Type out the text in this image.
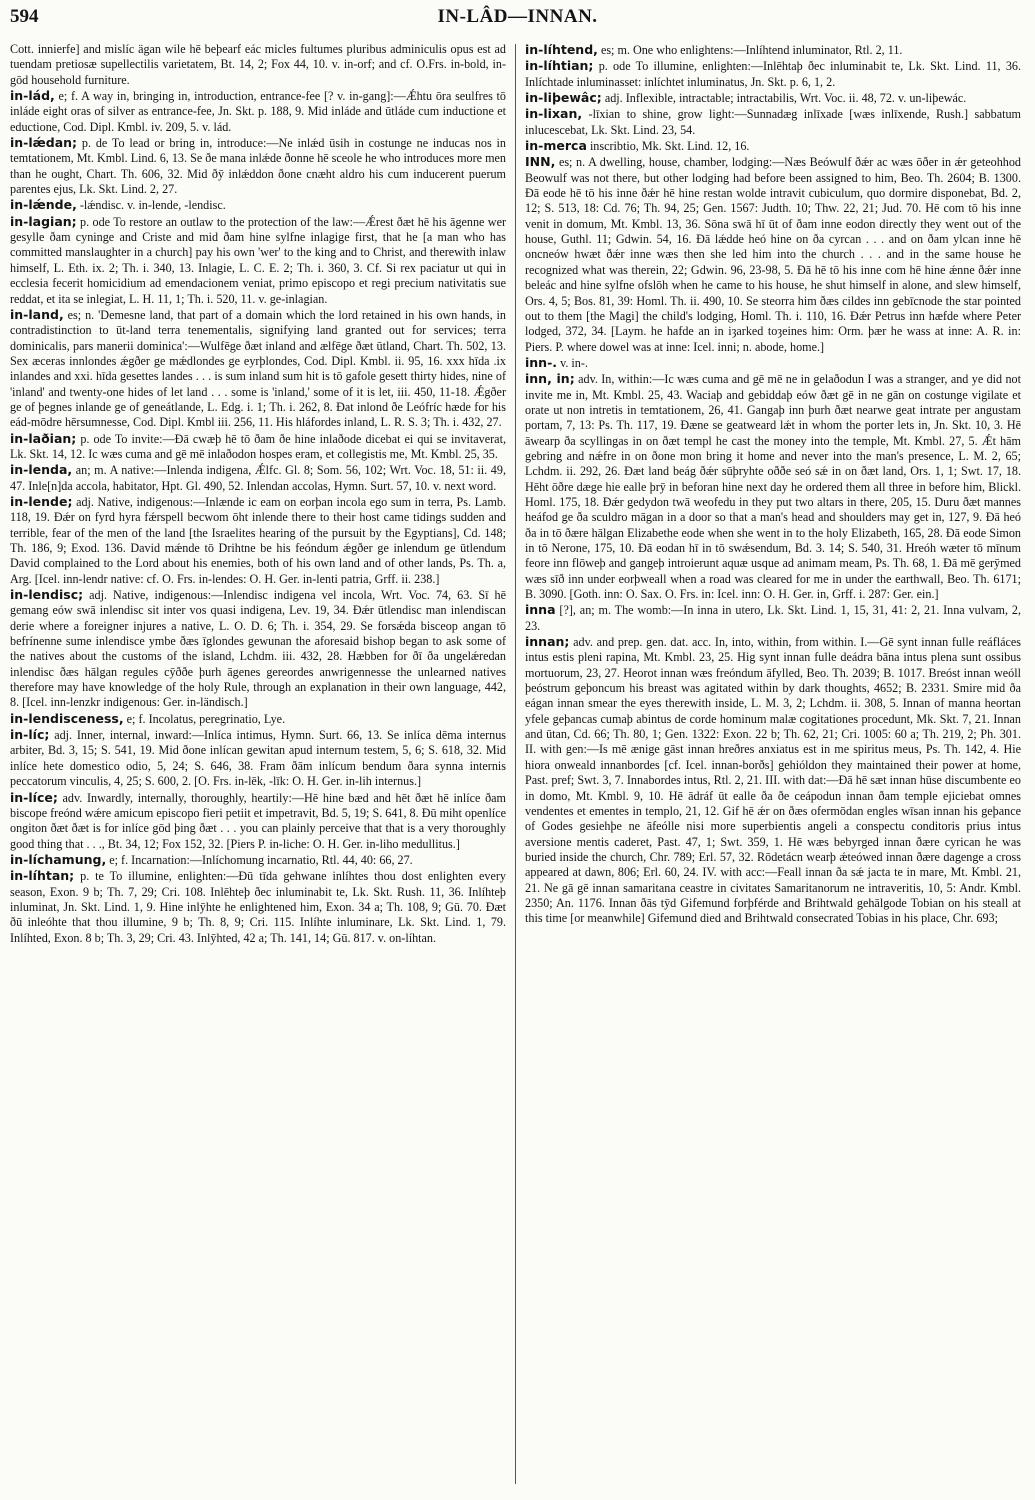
594	IN-LÂD—INNAN.

Cott. innierfe] and mislíc ägan wile hē beþearf eác micles fultumes pluribus adminiculis opus est ad tuendam pretiosæ supellectilis varietatem, Bt. 14, 2; Fox 44, 10. v. in-orf; and cf. O.Frs. in-bold, in-gōd household furniture.

in-lád, e; f. A way in, bringing in, introduction, entrance-fee [? v. in-gang]:—Ǽhtu ōra seulfres tō inláde eight oras of silver as entrance-fee, Jn. Skt. p. 188, 9. Mid inláde and ūtláde cum inductione et eductione, Cod. Dipl. Kmbl. iv. 209, 5. v. lád.

in-lǽdan; p. de To lead or bring in, introduce:—Ne inlǽd ūsih in costunge ne inducas nos in temtationem, Mt. Kmbl. Lind. 6, 13. Se ðe mana inlǽde ðonne hē sceole he who introduces more men than he ought, Chart. Th. 606, 32. Mid ðȳ inlǽddon ðone cnæht aldro his cum inducerent puerum parentes ejus, Lk. Skt. Lind. 2, 27.

in-lǽnde, -lǽndisc. v. in-lende, -lendisc.

in-lagian; p. ode To restore an outlaw to the protection of the law:—Ǽrest ðæt hē his āgenne wer gesylle ðam cyninge and Criste and mid ðam hine sylfne inlagige first, that he [a man who has committed manslaughter in a church] pay his own 'wer' to the king and to Christ, and therewith inlaw himself, L. Eth. ix. 2; Th. i. 340, 13. Inlagie, L. C. E. 2; Th. i. 360, 3. Cf. Si rex paciatur ut qui in ecclesia fecerit homicidium ad emendacionem veniat, primo episcopo et regi precium nativitatis sue reddat, et ita se inlegiat, L. H. 11, 1; Th. i. 520, 11. v. ge-inlagian.

in-land, es; n. 'Demesne land, that part of a domain which the lord retained in his own hands, in contradistinction to ūt-land terra tenementalis, signifying land granted out for services; terra dominicalis, pars manerii dominica':—Wulfēge ðæt inland and ælfēge ðæt ūtland, Chart. Th. 502, 13. Sex æceras innlondes ǽgðer ge mǽdlondes ge eyrþlondes, Cod. Dipl. Kmbl. ii. 95, 16. xxx hīda .ix inlandes and xxi. hīda gesettes landes . . . is sum inland sum hit is tō gafole gesett thirty hides, nine of 'inland' and twenty-one hides of let land . . . some is 'inland,' some of it is let, iii. 450, 11-18. Ǽgðer ge of þegnes inlande ge of geneátlande, L. Edg. i. 1; Th. i. 262, 8. Ðat inlond ðe Leófríc hæde for his eád-mōdre hērsumnesse, Cod. Dipl. Kmbl iii. 256, 11. His hláfordes inland, L. R. S. 3; Th. i. 432, 27.

in-laðian; p. ode To invite:—Ðā cwæþ hē tō ðam ðe hine inlaðode dicebat ei qui se invitaverat, Lk. Skt. 14, 12. Ic wæs cuma and gē mē inlaðodon hospes eram, et collegistis me, Mt. Kmbl. 25, 35.

in-lenda, an; m. A native:—Inlenda indigena, Ǽlfc. Gl. 8; Som. 56, 102; Wrt. Voc. 18, 51: ii. 49, 47. Inle[n]da accola, habitator, Hpt. Gl. 490, 52. Inlendan accolas, Hymn. Surt. 57, 10. v. next word.

in-lende; adj. Native, indigenous:—Inlænde ic eam on eorþan incola ego sum in terra, Ps. Lamb. 118, 19. Ðǽr on fyrd hyra fǽrspell becwom ōht inlende there to their host came tidings sudden and terrible, fear of the men of the land [the Israelites hearing of the pursuit by the Egyptians], Cd. 148; Th. 186, 9; Exod. 136. David mǽnde tō Drihtne be his feóndum ǽgðer ge inlendum ge ūtlendum David complained to the Lord about his enemies, both of his own land and of other lands, Ps. Th. a, Arg. [Icel. inn-lendr native: cf. O. Frs. in-lendes: O. H. Ger. in-lenti patria, Grff. ii. 238.]

in-lendisc; adj. Native, indigenous:—Inlendisc indigena vel incola, Wrt. Voc. 74, 63. Sī hē gemang eów swā inlendisc sit inter vos quasi indigena, Lev. 19, 34. Ðǽr ūtlendisc man inlendiscan derie where a foreigner injures a native, L. O. D. 6; Th. i. 354, 29. Se forsǽda bisceop angan tō befrínenne sume inlendisce ymbe ðæs īglondes gewunan the aforesaid bishop began to ask some of the natives about the customs of the island, Lchdm. iii. 432, 28. Hæbben for ðī ða ungelǽredan inlendisc ðæs hālgan regules cȳððe þurh āgenes gereordes anwrigennesse the unlearned natives therefore may have knowledge of the holy Rule, through an explanation in their own language, 442, 8. [Icel. inn-lenzkr indigenous: Ger. in-ländisch.]

in-lendisceness, e; f. Incolatus, peregrinatio, Lye.

in-líc; adj. Inner, internal, inward:—Inlíca intimus, Hymn. Surt. 66, 13. Se inlíca dēma internus arbiter, Bd. 3, 15; S. 541, 19. Mid ðone inlícan gewitan apud internum testem, 5, 6; S. 618, 32. Mid inlíce hete domestico odio, 5, 24; S. 646, 38. Fram ðām inlícum bendum ðara synna internis peccatorum vinculis, 4, 25; S. 600, 2. [O. Frs. in-lēk, -līk: O. H. Ger. in-lih internus.]

in-líce; adv. Inwardly, internally, thoroughly, heartily:—Hē hine bæd and hēt ðæt hē inlíce ðam biscope freónd wǽre amicum episcopo fieri petiit et impetravit, Bd. 5, 19; S. 641, 8. Ðū miht openlíce ongiton ðæt ðæt is for inlíce gōd þing ðæt . . . you can plainly perceive that that is a very thoroughly good thing that . . ., Bt. 34, 12; Fox 152, 32. [Piers P. in-liche: O. H. Ger. in-liho medullitus.]

in-líchamung, e; f. Incarnation:—Inlíchomung incarnatio, Rtl. 44, 40: 66, 27.

in-líhtan; p. te To illumine, enlighten:—Ðū tīda gehwane inlíhtes thou dost enlighten every season, Exon. 9 b; Th. 7, 29; Cri. 108. Inlēhteþ ðec inluminabit te, Lk. Skt. Rush. 11, 36. Inlíhteþ inluminat, Jn. Skt. Lind. 1, 9. Hine inlȳhte he enlightened him, Exon. 34 a; Th. 108, 9; Gū. 70. Ðæt ðū inleóhte that thou illumine, 9 b; Th. 8, 9; Cri. 115. Inlíhte inluminare, Lk. Skt. Lind. 1, 79. Inlíhted, Exon. 8 b; Th. 3, 29; Cri. 43. Inlȳhted, 42 a; Th. 141, 14; Gū. 817. v. on-líhtan.

in-líhtend, es; m. One who enlightens:—Inlíhtend inluminator, Rtl. 2, 11.

in-líhtian; p. ode To illumine, enlighten:—Inlēhtaþ ðec inluminabit te, Lk. Skt. Lind. 11, 36. Inlíchtade inluminasset: inlíchtet inluminatus, Jn. Skt. p. 6, 1, 2.

in-liþewâc; adj. Inflexible, intractable; intractabilis, Wrt. Voc. ii. 48, 72. v. un-liþewác.

in-lixan, -līxian to shine, grow light:—Sunnadæg inlīxade [wæs inlīxende, Rush.] sabbatum inlucescebat, Lk. Skt. Lind. 23, 54.

in-merca inscribtio, Mk. Skt. Lind. 12, 16.

INN, es; n. A dwelling, house, chamber, lodging:—Næs Beówulf ðǽr ac wæs ōðer in ǽr geteohhod Beowulf was not there, but other lodging had before been assigned to him, Beo. Th. 2604; B. 1300. Ðā eode hē tō his inne ðǽr hē hine restan wolde intravit cubiculum, quo dormire disponebat, Bd. 2, 12; S. 513, 18: Cd. 76; Th. 94, 25; Gen. 1567: Judth. 10; Thw. 22, 21; Jud. 70. Hē com tō his inne venit in domum, Mt. Kmbl. 13, 36. Sōna swā hī ūt of ðam inne eodon directly they went out of the house, Guthl. 11; Gdwin. 54, 16. Ðā lǽdde heó hine on ða cyrcan . . . and on ðam ylcan inne hē oncneów hwæt ðǽr inne wæs then she led him into the church . . . and in the same house he recognized what was therein, 22; Gdwin. 96, 23-98, 5. Ðā hē tō his inne com hē hine ǽnne ðǽr inne beleác and hine sylfne ofslōh when he came to his house, he shut himself in alone, and slew himself, Ors. 4, 5; Bos. 81, 39: Homl. Th. ii. 490, 10. Se steorra him ðæs cildes inn gebīcnode the star pointed out to them [the Magi] the child's lodging, Homl. Th. i. 110, 16. Ðǽr Petrus inn hæfde where Peter lodged, 372, 34. [Laym. he hafde an in iȝarked toȝeines him: Orm. þær he wass at inne: A. R. in: Piers. P. where dowel was at inne: Icel. inni; n. abode, home.]

inn-. v. in-.

inn, in; adv. In, within:—Ic wæs cuma and gē mē ne in gelaðodun I was a stranger, and ye did not invite me in, Mt. Kmbl. 25, 43. Waciaþ and gebiddaþ eów ðæt gē in ne gān on costunge vigilate et orate ut non intretis in temtationem, 26, 41. Gangaþ inn þurh ðæt nearwe geat intrate per angustam portam, 7, 13: Ps. Th. 117, 19. Ðæne se geatweard lǽt in whom the porter lets in, Jn. Skt. 10, 3. Hē āwearp ða scyllingas in on ðæt templ he cast the money into the temple, Mt. Kmbl. 27, 5. Ǽt hām gebring and nǽfre in on ðone mon bring it home and never into the man's presence, L. M. 2, 65; Lchdm. ii. 292, 26. Ðæt land beág ðǽr sūþryhte oððe seó sǽ in on ðæt land, Ors. 1, 1; Swt. 17, 18. Hēht ōðre dæge hie ealle þrȳ in beforan hine next day he ordered them all three in before him, Blickl. Homl. 175, 18. Ðǽr gedydon twā weofedu in they put two altars in there, 205, 15. Duru ðæt mannes heáfod ge ða sculdro māgan in a door so that a man's head and shoulders may get in, 127, 9. Ðā heó ða in tō ðære hālgan Elizabethe eode when she went in to the holy Elizabeth, 165, 28. Ðā eode Simon in tō Nerone, 175, 10. Ðā eodan hī in tō swǽsendum, Bd. 3. 14; S. 540, 31. Hreóh wæter tō mīnum feore inn flōweþ and gangeþ introierunt aquæ usque ad animam meam, Ps. Th. 68, 1. Ðā mē gerȳmed wæs sīð inn under eorþweall when a road was cleared for me in under the earthwall, Beo. Th. 6171; B. 3090. [Goth. inn: O. Sax. O. Frs. in: Icel. inn: O. H. Ger. in, Grff. i. 287: Ger. ein.]

inna [?], an; m. The womb:—In inna in utero, Lk. Skt. Lind. 1, 15, 31, 41: 2, 21. Inna vulvam, 2, 23.

innan; adv. and prep. gen. dat. acc. In, into, within, from within. I.—Gē synt innan fulle reáfláces intus estis pleni rapina, Mt. Kmbl. 23, 25. Hig synt innan fulle deádra bāna intus plena sunt ossibus mortuorum, 23, 27. Heorot innan wæs freóndum āfylled, Beo. Th. 2039; B. 1017. Breóst innan weóll þeóstrum geþoncum his breast was agitated within by dark thoughts, 4652; B. 2331. Smire mid ða eágan innan smear the eyes therewith inside, L. M. 3, 2; Lchdm. ii. 308, 5. Innan of manna heortan yfele geþancas cumaþ abintus de corde hominum malæ cogitationes procedunt, Mk. Skt. 7, 21. Innan and ūtan, Cd. 66; Th. 80, 1; Gen. 1322: Exon. 22 b; Th. 62, 21; Cri. 1005: 60 a; Th. 219, 2; Ph. 301. II. with gen:—Is mē ænige gāst innan hreðres anxiatus est in me spiritus meus, Ps. Th. 142, 4. Hie hiora onweald innanbordes [cf. Icel. innan-borðs] gehióldon they maintained their power at home, Past. pref; Swt. 3, 7. Innabordes intus, Rtl. 2, 21. III. with dat:—Ðā hē sæt innan hūse discumbente eo in domo, Mt. Kmbl. 9, 10. Hē ādráf ūt ealle ða ðe ceápodun innan ðam temple ejiciebat omnes vendentes et ementes in templo, 21, 12. Gif hē ǽr on ðæs ofermōdan engles wīsan innan his geþance of Godes gesiehþe ne āfeólle nisi more superbientis angeli a conspectu conditoris prius intus aversione mentis caderet, Past. 47, 1; Swt. 359, 1. Hē wæs bebyrged innan ðære cyrican he was buried inside the church, Chr. 789; Erl. 57, 32. Rōdetácn wearþ ǽteówed innan ðære dagenge a cross appeared at dawn, 806; Erl. 60, 24. IV. with acc:—Feall innan ða sǽ jacta te in mare, Mt. Kmbl. 21, 21. Ne gā gē innan samaritana ceastre in civitates Samaritanorum ne intraveritis, 10, 5: Andr. Kmbl. 2350; An. 1176. Innan ðās tȳd Gifemund forþférde and Brihtwald gehālgode Tobian on his steall at this time [or meanwhile] Gifemund died and Brihtwald consecrated Tobias in his place, Chr. 693;
